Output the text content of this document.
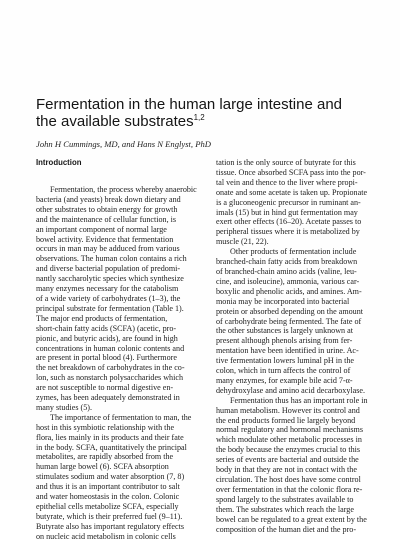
Fermentation in the human large intestine and the available substrates$^{1,2}$

John H Cummings, MD, and Hans N Englyst, PhD

Introduction
Fermentation, the process whereby anaerobic
bacteria (and yeasts) break down dietary and
other substrates to obtain energy for growth
and the maintenance of cellular function, is
an important component of normal large
bowel activity. Evidence that fermentation
occurs in man may be adduced from various
observations. The human colon contains a rich
and diverse bacterial population of predomi-
nantly saccharolytic species which synthesize
many enzymes necessary for the catabolism
of a wide variety of carbohydrates (1–3), the
principal substrate for fermentation (Table 1).
The major end products of fermentation,
short-chain fatty acids (SCFA) (acetic, pro-
pionic, and butyric acids), are found in high
concentrations in human colonic contents and
are present in portal blood (4). Furthermore
the net breakdown of carbohydrates in the co-
lon, such as nonstarch polysaccharides which
are not susceptible to normal digestive en-
zymes, has been adequately demonstrated in
many studies (5).
The importance of fermentation to man, the
host in this symbiotic relationship with the
flora, lies mainly in its products and their fate
in the body. SCFA, quantitatively the principal
metabolites, are rapidly absorbed from the
human large bowel (6). SCFA absorption
stimulates sodium and water absorption (7, 8)
and thus it is an important contributor to salt
and water homeostasis in the colon. Colonic
epithelial cells metabolize SCFA, especially
butyrate, which is their preferred fuel (9–11).
Butyrate also has important regulatory effects
on nucleic acid metabolism in colonic cells
tation is the only source of butyrate for this
tissue. Once absorbed SCFA pass into the por-
tal vein and thence to the liver where propi-
onate and some acetate is taken up. Propionate
is a gluconeogenic precursor in ruminant an-
imals (15) but in hind gut fermentation may
exert other effects (16–20). Acetate passes to
peripheral tissues where it is metabolized by
muscle (21, 22).
Other products of fermentation include
branched-chain fatty acids from breakdown
of branched-chain amino acids (valine, leu-
cine, and isoleucine), ammonia, various car-
boxylic and phenolic acids, and amines. Am-
monia may be incorporated into bacterial
protein or absorbed depending on the amount
of carbohydrate being fermented. The fate of
the other substances is largely unknown at
present although phenols arising from fer-
mentation have been identified in urine. Ac-
tive fermentation lowers luminal pH in the
colon, which in turn affects the control of
many enzymes, for example bile acid 7-α-
dehydroxylase and amino acid decarboxylase.
Fermentation thus has an important role in
human metabolism. However its control and
the end products formed lie largely beyond
normal regulatory and hormonal mechanisms
which modulate other metabolic processes in
the body because the enzymes crucial to this
series of events are bacterial and outside the
body in that they are not in contact with the
circulation. The host does have some control
over fermentation in that the colonic flora re-
spond largely to the substrates available to
them. The substrates which reach the large
bowel can be regulated to a great extent by the
composition of the human diet and the pro-
